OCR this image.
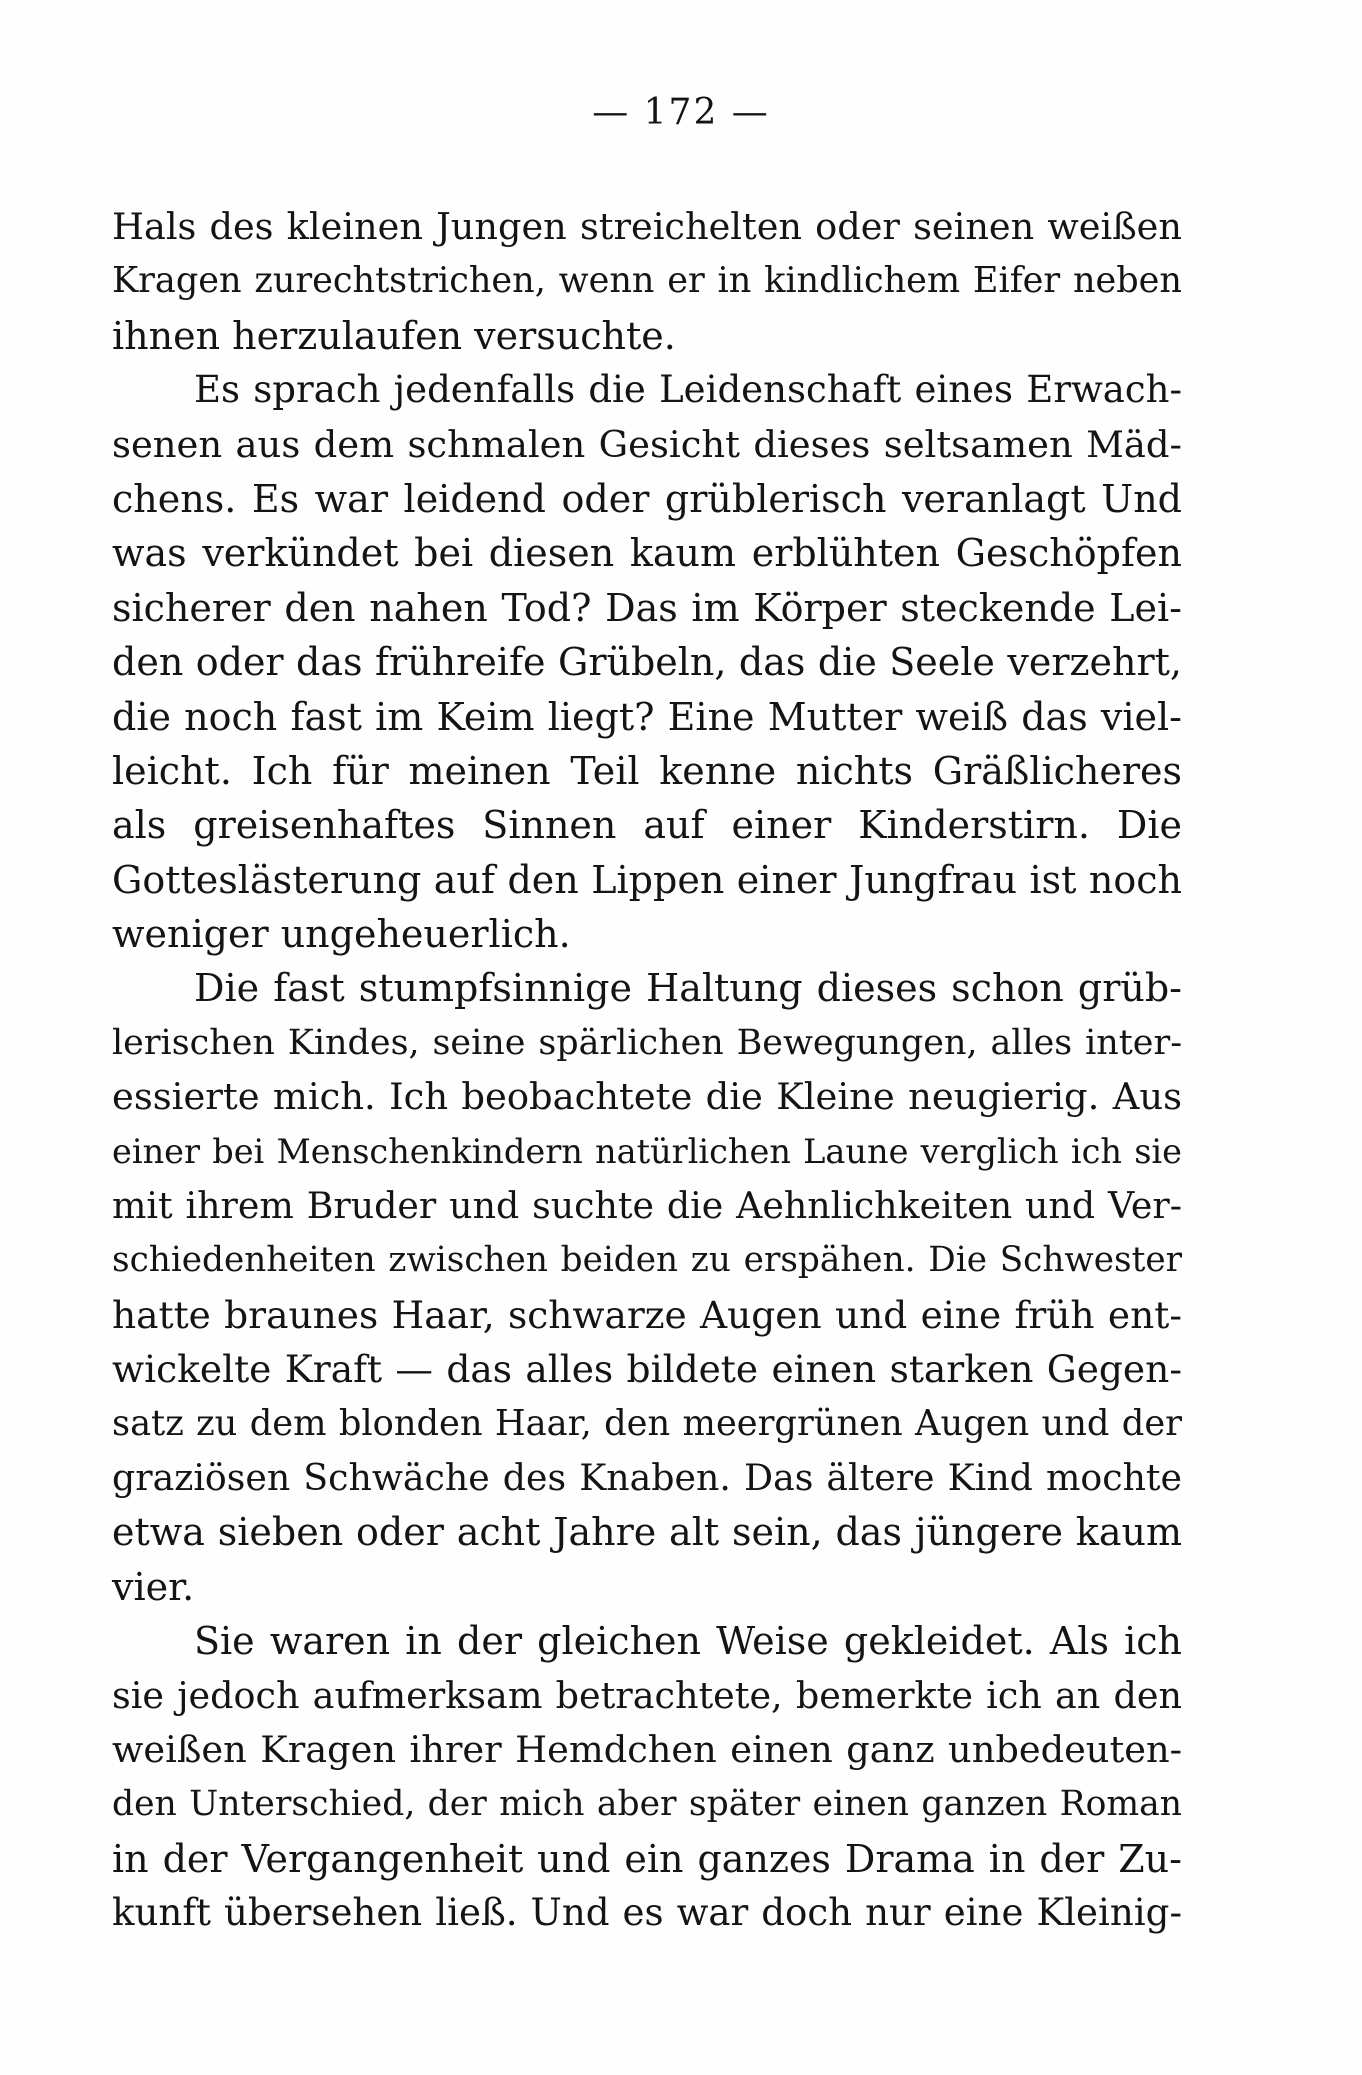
— 172 —
Hals des kleinen Jungen streichelten oder seinen weißen
Kragen zurechtstrichen, wenn er in kindlichem Eifer neben
ihnen herzulaufen versuchte.
Es sprach jedenfalls die Leidenschaft eines Erwach-
senen aus dem schmalen Gesicht dieses seltsamen Mäd-
chens. Es war leidend oder grüblerisch veranlagt Und
was verkündet bei diesen kaum erblühten Geschöpfen
sicherer den nahen Tod? Das im Körper steckende Lei-
den oder das frühreife Grübeln, das die Seele verzehrt,
die noch fast im Keim liegt? Eine Mutter weiß das viel-
leicht. Ich für meinen Teil kenne nichts Gräßlicheres
als greisenhaftes Sinnen auf einer Kinderstirn. Die
Gotteslästerung auf den Lippen einer Jungfrau ist noch
weniger ungeheuerlich.
Die fast stumpfsinnige Haltung dieses schon grüb-
lerischen Kindes, seine spärlichen Bewegungen, alles inter-
essierte mich. Ich beobachtete die Kleine neugierig. Aus
einer bei Menschenkindern natürlichen Laune verglich ich sie
mit ihrem Bruder und suchte die Aehnlichkeiten und Ver-
schiedenheiten zwischen beiden zu erspähen. Die Schwester
hatte braunes Haar, schwarze Augen und eine früh ent-
wickelte Kraft — das alles bildete einen starken Gegen-
satz zu dem blonden Haar, den meergrünen Augen und der
graziösen Schwäche des Knaben. Das ältere Kind mochte
etwa sieben oder acht Jahre alt sein, das jüngere kaum
vier.
Sie waren in der gleichen Weise gekleidet. Als ich
sie jedoch aufmerksam betrachtete, bemerkte ich an den
weißen Kragen ihrer Hemdchen einen ganz unbedeuten-
den Unterschied, der mich aber später einen ganzen Roman
in der Vergangenheit und ein ganzes Drama in der Zu-
kunft übersehen ließ. Und es war doch nur eine Kleinig-
